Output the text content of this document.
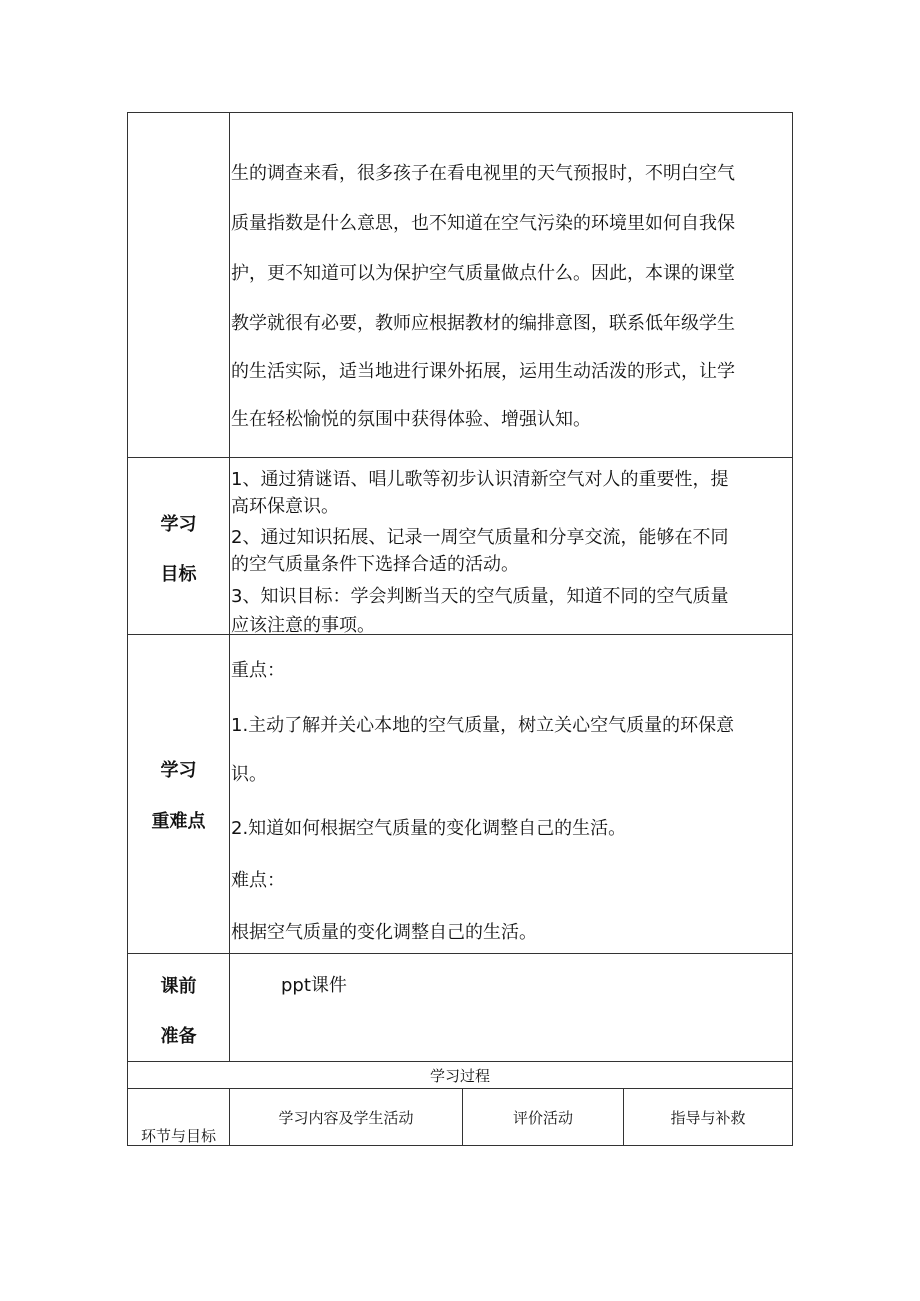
生的调查来看，很多孩子在看电视里的天气预报时，不明白空气
质量指数是什么意思，也不知道在空气污染的环境里如何自我保
护，更不知道可以为保护空气质量做点什么。因此，本课的课堂
教学就很有必要，教师应根据教材的编排意图，联系低年级学生
的生活实际，适当地进行课外拓展，运用生动活泼的形式，让学
生在轻松愉悦的氛围中获得体验、增强认知。
学习
目标
1、通过猜谜语、唱儿歌等初步认识清新空气对人的重要性，提
高环保意识。
2、通过知识拓展、记录一周空气质量和分享交流，能够在不同
的空气质量条件下选择合适的活动。
3、知识目标：学会判断当天的空气质量，知道不同的空气质量
应该注意的事项。
学习
重难点
重点：
1.主动了解并关心本地的空气质量，树立关心空气质量的环保意
识。
2.知道如何根据空气质量的变化调整自己的生活。
难点：
根据空气质量的变化调整自己的生活。
课前
准备
ppt课件
学习过程
环节与目标
学习内容及学生活动	评价活动	指导与补救
